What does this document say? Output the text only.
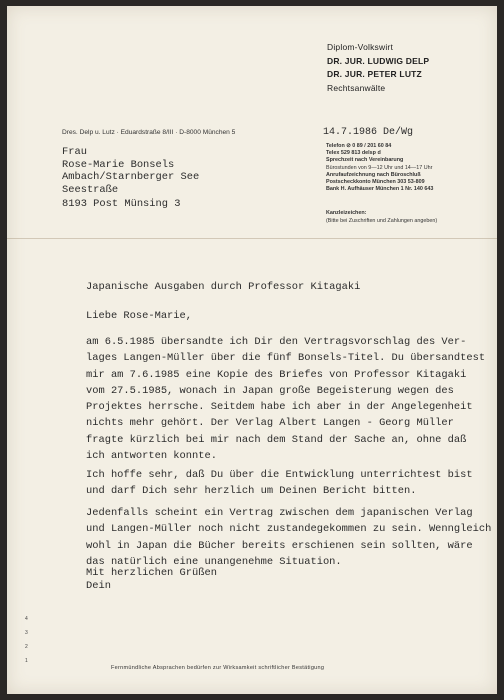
Diplom-Volkswirt

DR. JUR. LUDWIG DELP

DR. JUR. PETER LUTZ

Rechtsanwälte

Dres. Delp u. Lutz · Eduardstraße 8/III · D-8000 München 5	14.7.1986 De/Wg

Telefon ⊘ 0 89 / 201 60 84
Telex 529 813 delsp d
Sprechzeit nach Vereinbarung
Bürostunden von 9—12 Uhr und 14—17 Uhr
Anrufaufzeichnung nach Büroschluß
Postscheckkonto München 303 53-809
Bank H. Aufhäuser München 1 Nr. 140 643
Frau
Rose-Marie Bonsels
Ambach/Starnberger See
Seestraße

8193 Post Münsing 3

Kanzleizeichen:

(Bitte bei Zuschriften und Zahlungen angeben)

Japanische Ausgaben durch Professor Kitagaki

Liebe Rose-Marie,

am 6.5.1985 übersandte ich Dir den Vertragsvorschlag des Ver-
lages Langen-Müller über die fünf Bonsels-Titel. Du übersandtest
mir am 7.6.1985 eine Kopie des Briefes von Professor Kitagaki
vom 27.5.1985, wonach in Japan große Begeisterung wegen des
Projektes herrsche. Seitdem habe ich aber in der Angelegenheit
nichts mehr gehört. Der Verlag Albert Langen - Georg Müller
fragte kürzlich bei mir nach dem Stand der Sache an, ohne daß
ich antworten konnte.
Ich hoffe sehr, daß Du über die Entwicklung unterrichtest bist
und darf Dich sehr herzlich um Deinen Bericht bitten.
Jedenfalls scheint ein Vertrag zwischen dem japanischen Verlag
und Langen-Müller noch nicht zustandegekommen zu sein. Wenngleich
wohl in Japan die Bücher bereits erschienen sein sollten, wäre
das natürlich eine unangenehme Situation.

Mit herzlichen Grüßen

Dein

4
3
2
1

Fernmündliche Absprachen bedürfen zur Wirksamkeit schriftlicher Bestätigung
